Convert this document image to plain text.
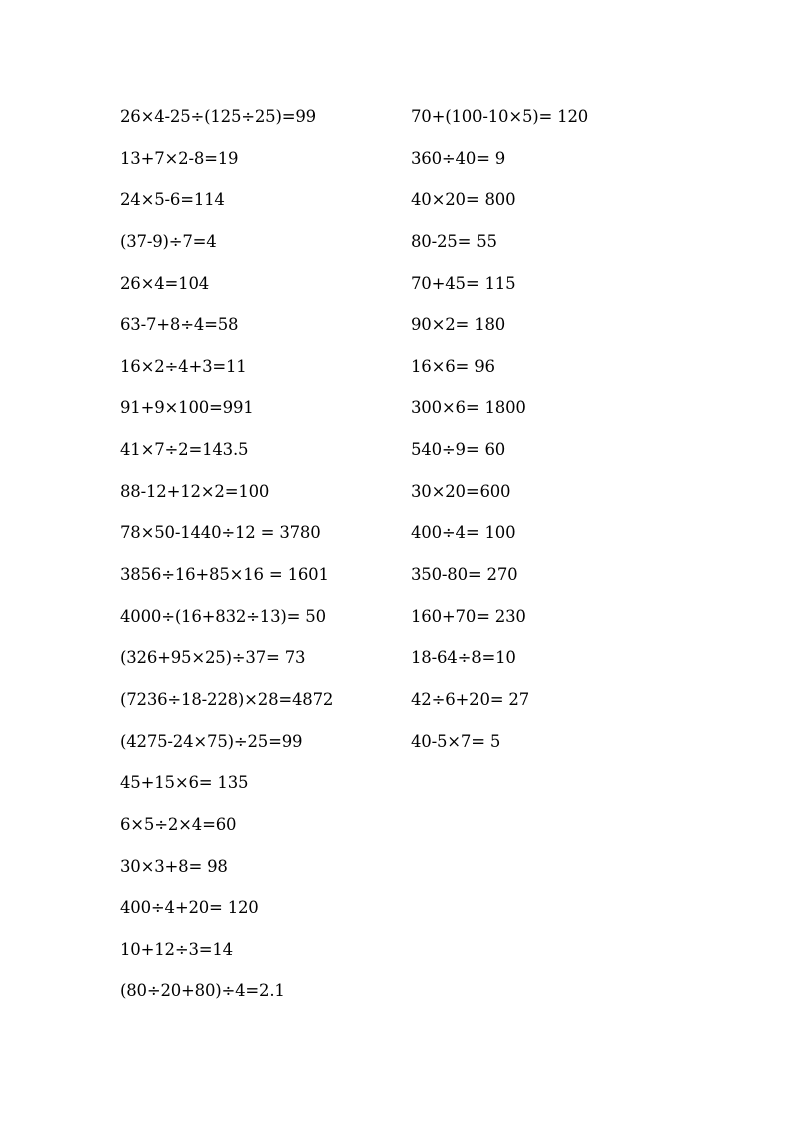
26×4-25÷(125÷25)=99
13+7×2-8=19
24×5-6=114
(37-9)÷7=4
26×4=104
63-7+8÷4=58
16×2÷4+3=11
91+9×100=991
41×7÷2=143.5
88-12+12×2=100
78×50-1440÷12 = 3780
3856÷16+85×16 = 1601
4000÷(16+832÷13)= 50
(326+95×25)÷37= 73
(7236÷18-228)×28=4872
(4275-24×75)÷25=99
45+15×6= 135
6×5÷2×4=60
30×3+8= 98
400÷4+20= 120
10+12÷3=14
(80÷20+80)÷4=2.1
70+(100-10×5)= 120
360÷40= 9
40×20= 800
80-25= 55
70+45= 115
90×2= 180
16×6= 96
300×6= 1800
540÷9= 60
30×20=600
400÷4= 100
350-80= 270
160+70= 230
18-64÷8=10
42÷6+20= 27
40-5×7= 5
